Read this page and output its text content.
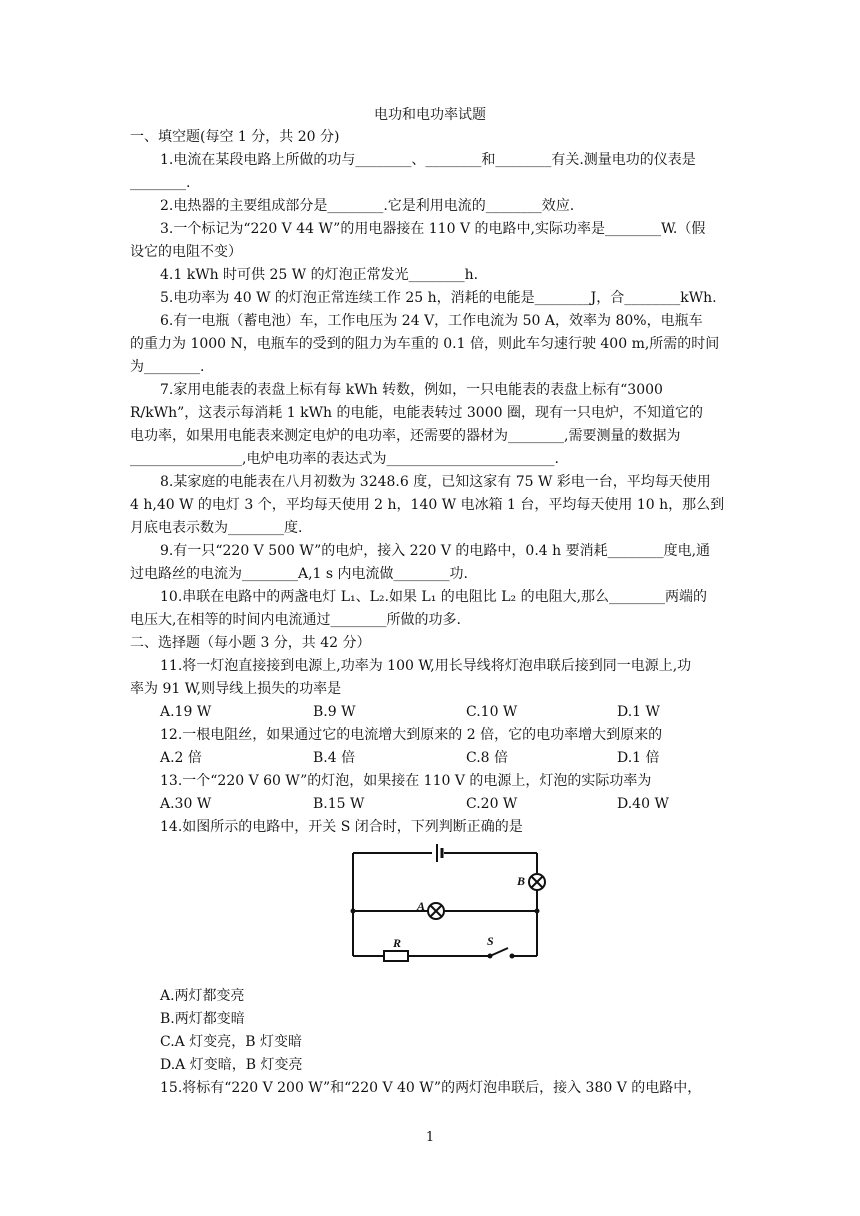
电功和电功率试题
一、填空题(每空 1 分，共 20 分)
1.电流在某段电路上所做的功与________、________和________有关.测量电功的仪表是
________.
2.电热器的主要组成部分是________.它是利用电流的________效应.
3.一个标记为“220 V 44 W”的用电器接在 110 V 的电路中,实际功率是________W.（假
设它的电阻不变）
4.1 kWh 时可供 25 W 的灯泡正常发光________h.
5.电功率为 40 W 的灯泡正常连续工作 25 h，消耗的电能是________J，合________kWh.
6.有一电瓶（蓄电池）车，工作电压为 24 V，工作电流为 50 A，效率为 80%，电瓶车
的重力为 1000 N，电瓶车的受到的阻力为车重的 0.1 倍，则此车匀速行驶 400 m,所需的时间
为________.
7.家用电能表的表盘上标有每 kWh 转数，例如，一只电能表的表盘上标有“3000
R/kWh”，这表示每消耗 1 kWh 的电能，电能表转过 3000 圈，现有一只电炉，不知道它的
电功率，如果用电能表来测定电炉的电功率，还需要的器材为________,需要测量的数据为
________________,电炉电功率的表达式为________________________.
8.某家庭的电能表在八月初数为 3248.6 度，已知这家有 75 W 彩电一台，平均每天使用
4 h,40 W 的电灯 3 个，平均每天使用 2 h，140 W 电冰箱 1 台，平均每天使用 10 h，那么到
月底电表示数为________度.
9.有一只“220 V 500 W”的电炉，接入 220 V 的电路中，0.4 h 要消耗________度电,通
过电路丝的电流为________A,1 s 内电流做________功.
10.串联在电路中的两盏电灯 L₁、L₂.如果 L₁ 的电阻比 L₂ 的电阻大,那么________两端的
电压大,在相等的时间内电流通过________所做的功多.
二、选择题（每小题 3 分，共 42 分）
11.将一灯泡直接接到电源上,功率为 100 W,用长导线将灯泡串联后接到同一电源上,功
率为 91 W,则导线上损失的功率是
A.19 W	B.9 W	C.10 W	D.1 W
12.一根电阻丝，如果通过它的电流增大到原来的 2 倍，它的电功率增大到原来的
A.2 倍	B.4 倍	C.8 倍	D.1 倍
13.一个“220 V 60 W”的灯泡，如果接在 110 V 的电源上，灯泡的实际功率为
A.30 W	B.15 W	C.20 W	D.40 W
14.如图所示的电路中，开关 S 闭合时，下列判断正确的是
B
A
R	S
A.两灯都变亮
B.两灯都变暗
C.A 灯变亮，B 灯变暗
D.A 灯变暗，B 灯变亮
15.将标有“220 V 200 W”和“220 V 40 W”的两灯泡串联后，接入 380 V 的电路中，
1
